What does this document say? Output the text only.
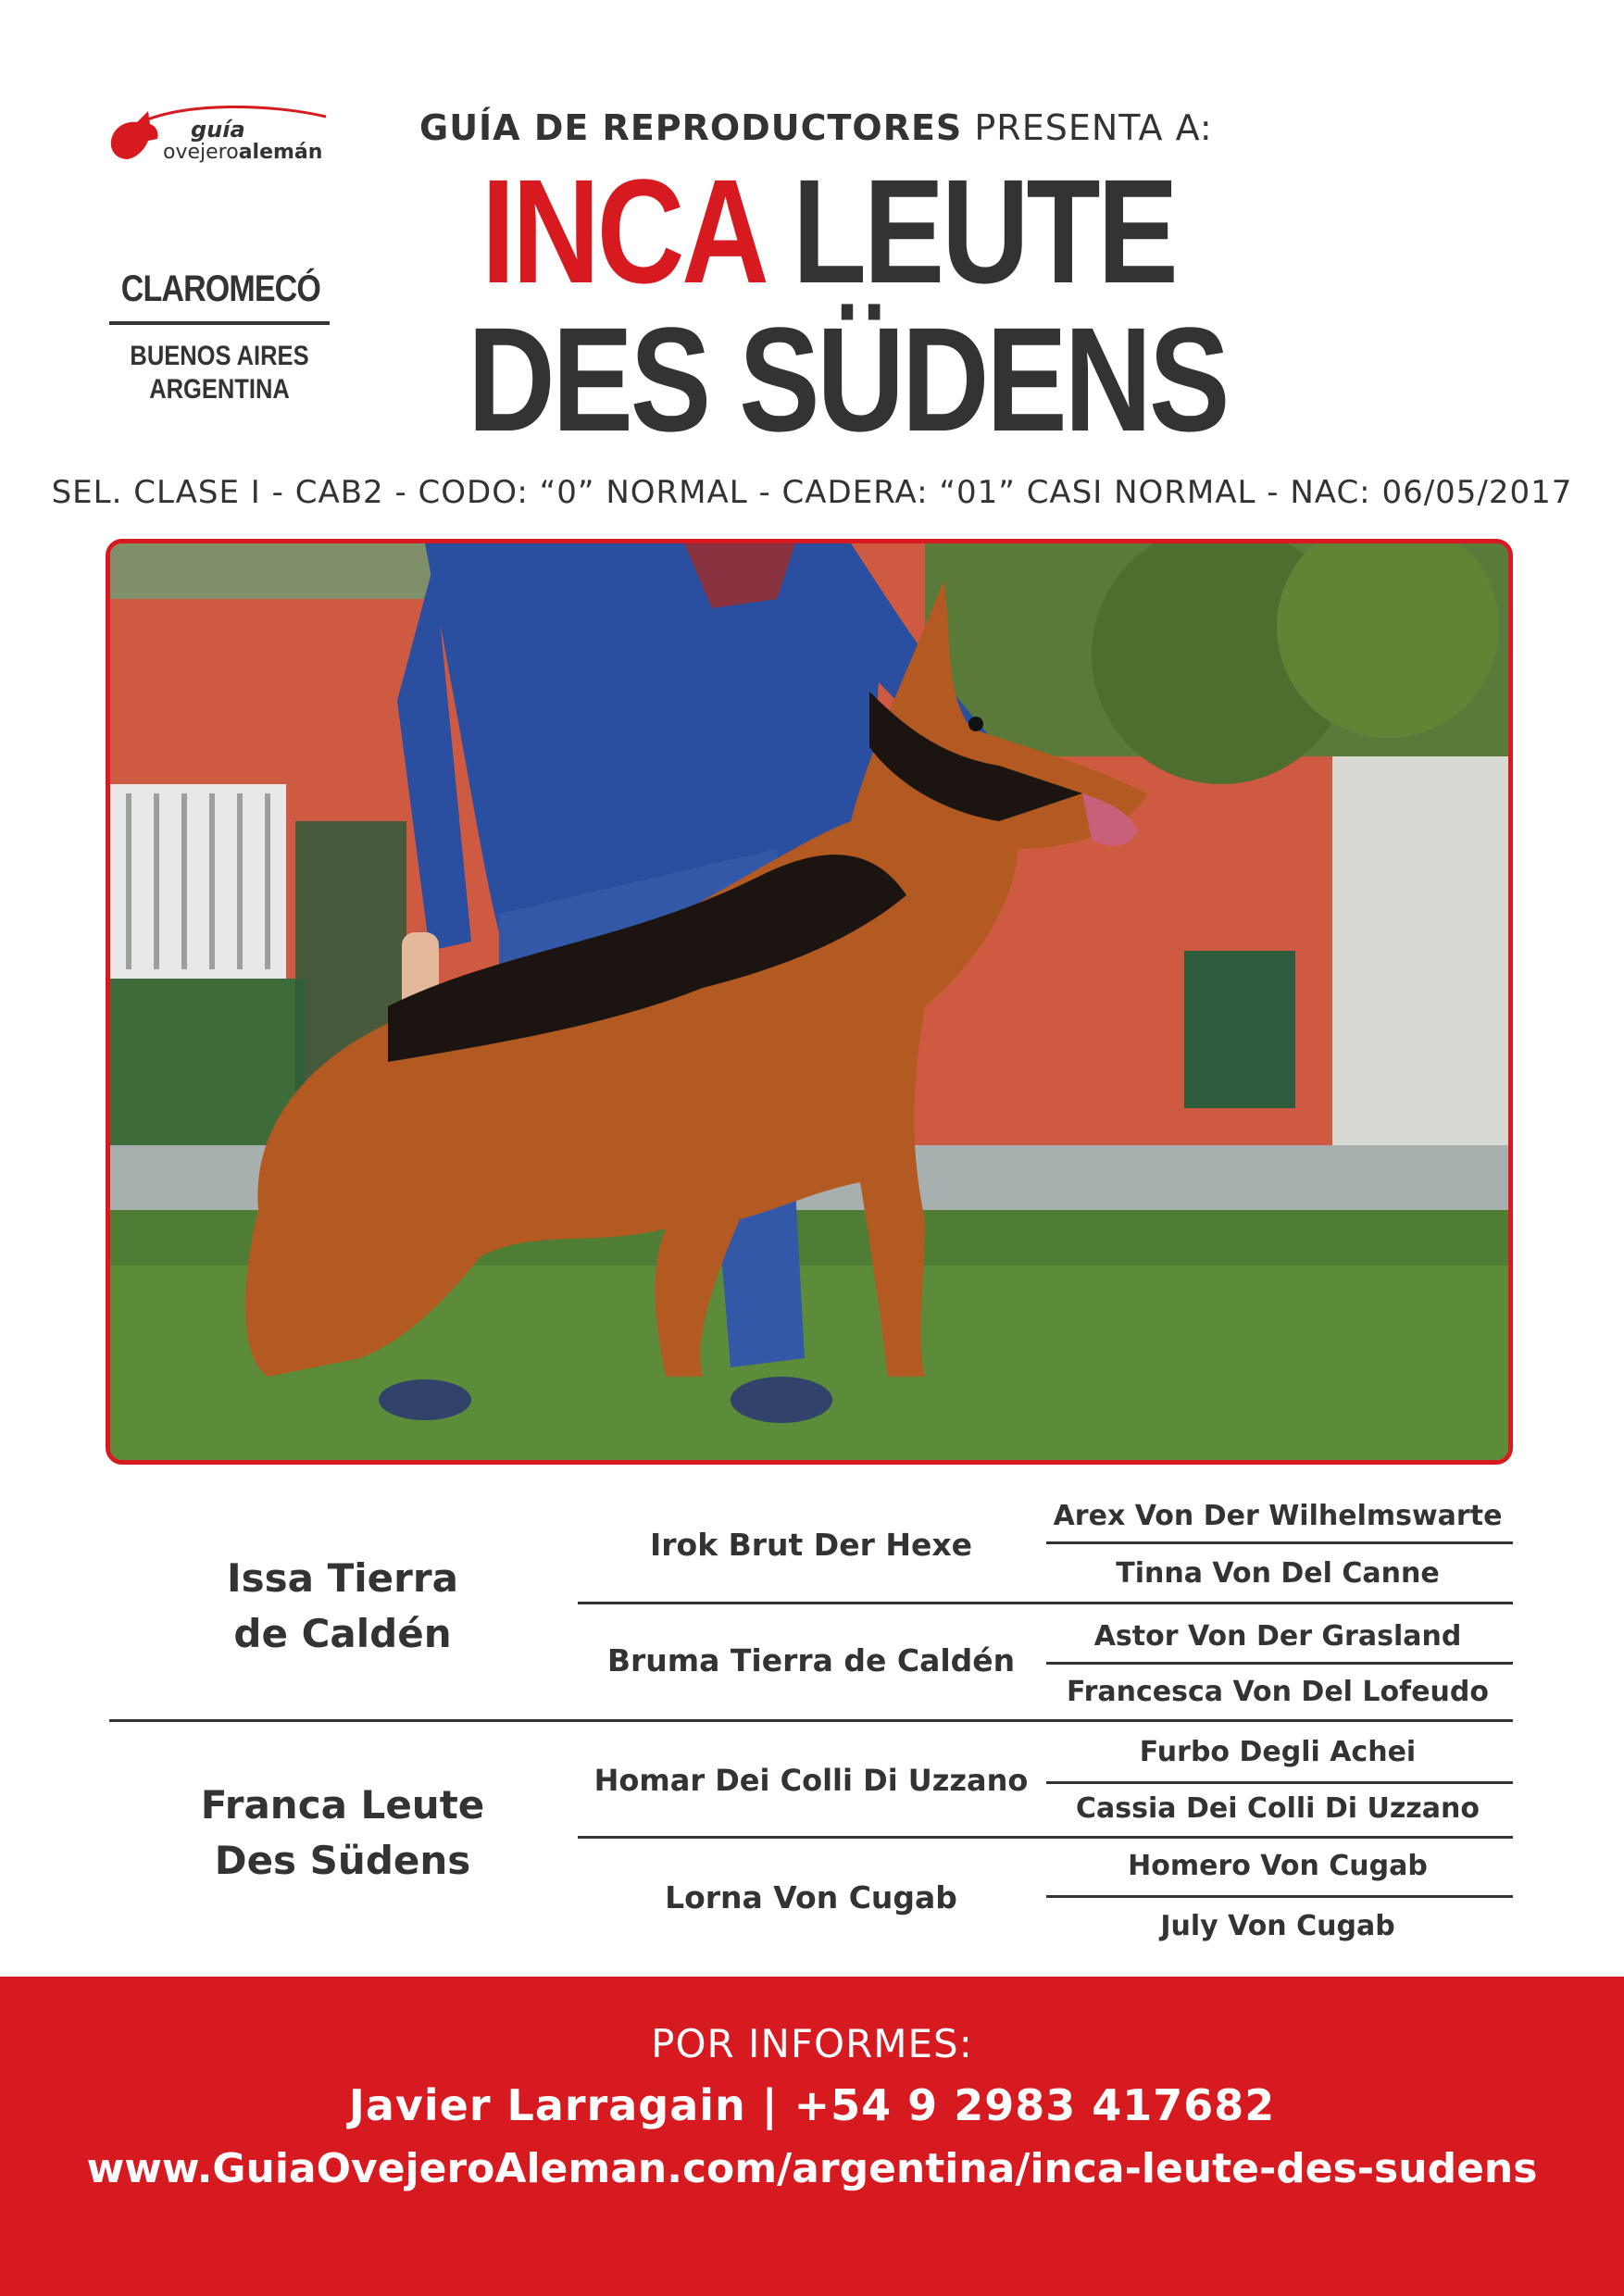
guía
ovejeroalemán
CLAROMECÓ
BUENOS AIRES
ARGENTINA
GUÍA DE REPRODUCTORES PRESENTA A:
INCA LEUTE
DES SÜDENS
SEL. CLASE I - CAB2 - CODO: “0” NORMAL - CADERA: “01” CASI NORMAL - NAC: 06/05/2017
Issa Tierra
de Caldén
Franca Leute
Des Südens
Irok Brut Der Hexe
Bruma Tierra de Caldén
Homar Dei Colli Di Uzzano
Lorna Von Cugab
Arex Von Der Wilhelmswarte
Tinna Von Del Canne
Astor Von Der Grasland
Francesca Von Del Lofeudo
Furbo Degli Achei
Cassia Dei Colli Di Uzzano
Homero Von Cugab
July Von Cugab
POR INFORMES:
Javier Larragain | +54 9 2983 417682
www.GuiaOvejeroAleman.com/argentina/inca-leute-des-sudens
